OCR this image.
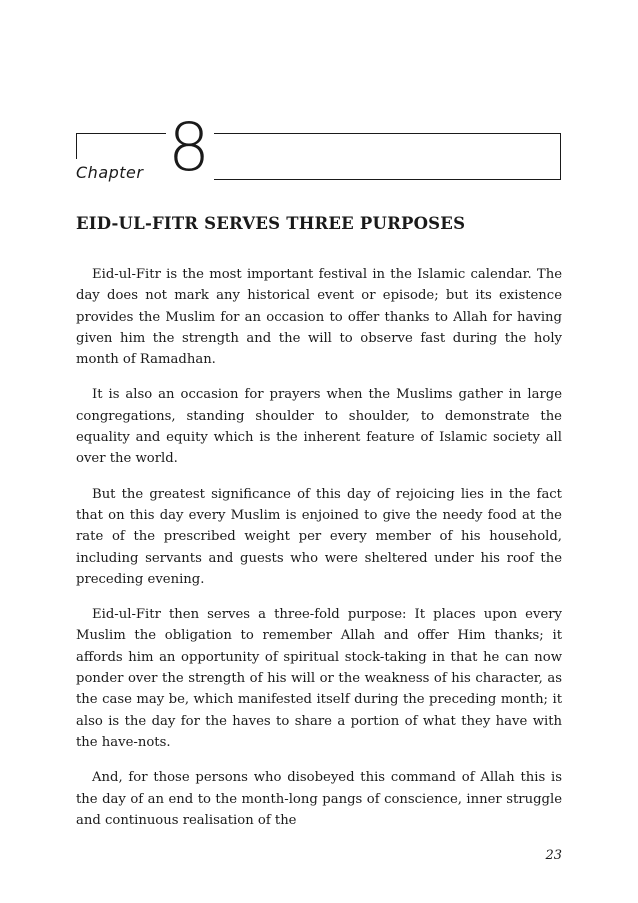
Chapter 8
EID-UL-FITR SERVES THREE PURPOSES

Eid-ul-Fitr is the most important festival in the Islamic calendar. The day does not mark any historical event or episode; but its existence provides the Muslim for an occasion to offer thanks to Allah for having given him the strength and the will to observe fast during the holy month of Ramadhan.

It is also an occasion for prayers when the Muslims gather in large congregations, standing shoulder to shoulder, to demonstrate the equality and equity which is the inherent feature of Islamic society all over the world.

But the greatest significance of this day of rejoicing lies in the fact that on this day every Muslim is enjoined to give the needy food at the rate of the prescribed weight per every member of his household, including servants and guests who were sheltered under his roof the preceding evening.

Eid-ul-Fitr then serves a three-fold purpose: It places upon every Muslim the obligation to remember Allah and offer Him thanks; it affords him an opportunity of spiritual stock-taking in that he can now ponder over the strength of his will or the weakness of his character, as the case may be, which manifested itself during the preceding month; it also is the day for the haves to share a portion of what they have with the have-nots.

And, for those persons who disobeyed this command of Allah this is the day of an end to the month-long pangs of conscience, inner struggle and continuous realisation of the

23
